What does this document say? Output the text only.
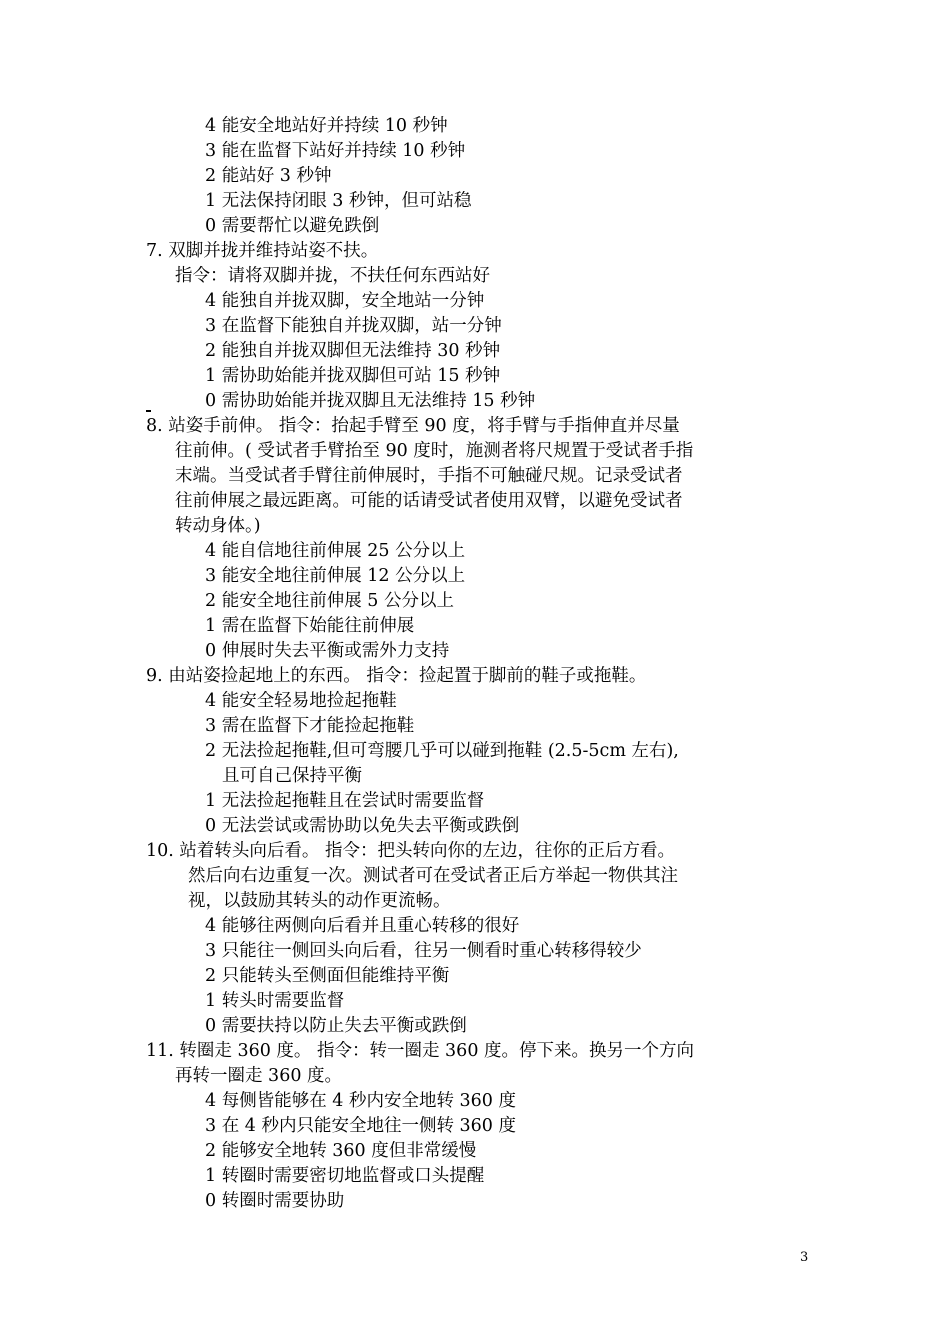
4 能安全地站好并持续 10 秒钟
3 能在监督下站好并持续 10 秒钟
2 能站好 3 秒钟
1 无法保持闭眼 3 秒钟，但可站稳
0 需要帮忙以避免跌倒
7. 双脚并拢并维持站姿不扶。
指令：请将双脚并拢，不扶任何东西站好
4 能独自并拢双脚，安全地站一分钟
3 在监督下能独自并拢双脚，站一分钟
2 能独自并拢双脚但无法维持 30 秒钟
1 需协助始能并拢双脚但可站 15 秒钟
0 需协助始能并拢双脚且无法维持 15 秒钟
8. 站姿手前伸。 指令：抬起手臂至 90 度，将手臂与手指伸直并尽量
往前伸。( 受试者手臂抬至 90 度时，施测者将尺规置于受试者手指
末端。当受试者手臂往前伸展时，手指不可触碰尺规。记录受试者
往前伸展之最远距离。可能的话请受试者使用双臂，以避免受试者
转动身体。)
4 能自信地往前伸展 25 公分以上
3 能安全地往前伸展 12 公分以上
2 能安全地往前伸展 5 公分以上
1 需在监督下始能往前伸展
0 伸展时失去平衡或需外力支持
9. 由站姿捡起地上的东西。 指令：捡起置于脚前的鞋子或拖鞋。
4 能安全轻易地捡起拖鞋
3 需在监督下才能捡起拖鞋
2 无法捡起拖鞋,但可弯腰几乎可以碰到拖鞋 (2.5-5cm 左右),
且可自己保持平衡
1 无法捡起拖鞋且在尝试时需要监督
0 无法尝试或需协助以免失去平衡或跌倒
10. 站着转头向后看。 指令：把头转向你的左边，往你的正后方看。
然后向右边重复一次。测试者可在受试者正后方举起一物供其注
视，以鼓励其转头的动作更流畅。
4 能够往两侧向后看并且重心转移的很好
3 只能往一侧回头向后看，往另一侧看时重心转移得较少
2 只能转头至侧面但能维持平衡
1 转头时需要监督
0 需要扶持以防止失去平衡或跌倒
11. 转圈走 360 度。 指令：转一圈走 360 度。停下来。换另一个方向
再转一圈走 360 度。
4 每侧皆能够在 4 秒内安全地转 360 度
3 在 4 秒内只能安全地往一侧转 360 度
2 能够安全地转 360 度但非常缓慢
1 转圈时需要密切地监督或口头提醒
0 转圈时需要协助
3
